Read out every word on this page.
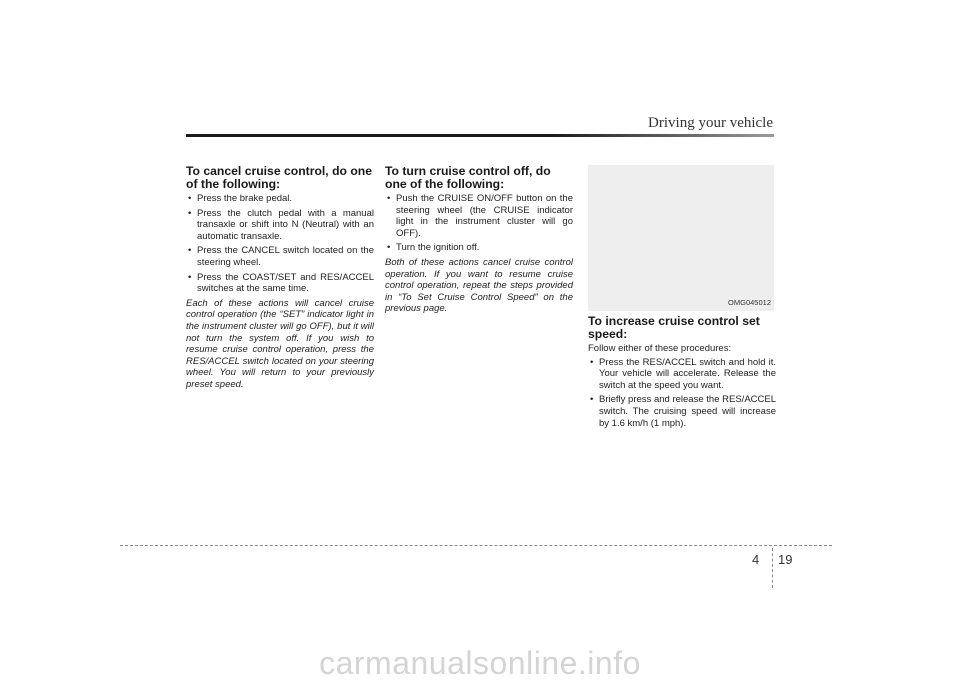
Driving your vehicle
To cancel cruise control, do one of the following:
• Press the brake pedal.
• Press the clutch pedal with a manual transaxle or shift into N (Neutral) with an automatic transaxle.
• Press the CANCEL switch located on the steering wheel.
• Press the COAST/SET and RES/ACCEL switches at the same time.

Each of these actions will cancel cruise control operation (the “SET” indicator light in the instrument cluster will go OFF), but it will not turn the system off. If you wish to resume cruise control operation, press the RES/ACCEL switch located on your steering wheel. You will return to your previously preset speed.

To turn cruise control off, do one of the following:
• Push the CRUISE ON/OFF button on the steering wheel (the CRUISE indicator light in the instrument cluster will go OFF).
• Turn the ignition off.

Both of these actions cancel cruise control operation. If you want to resume cruise control operation, repeat the steps provided in “To Set Cruise Control Speed” on the previous page.

OMG045012
To increase cruise control set speed:

Follow either of these procedures:

• Press the RES/ACCEL switch and hold it. Your vehicle will accelerate. Release the switch at the speed you want.
• Briefly press and release the RES/ACCEL switch. The cruising speed will increase by 1.6 km/h (1 mph).
4 19
carmanualsonline.info
